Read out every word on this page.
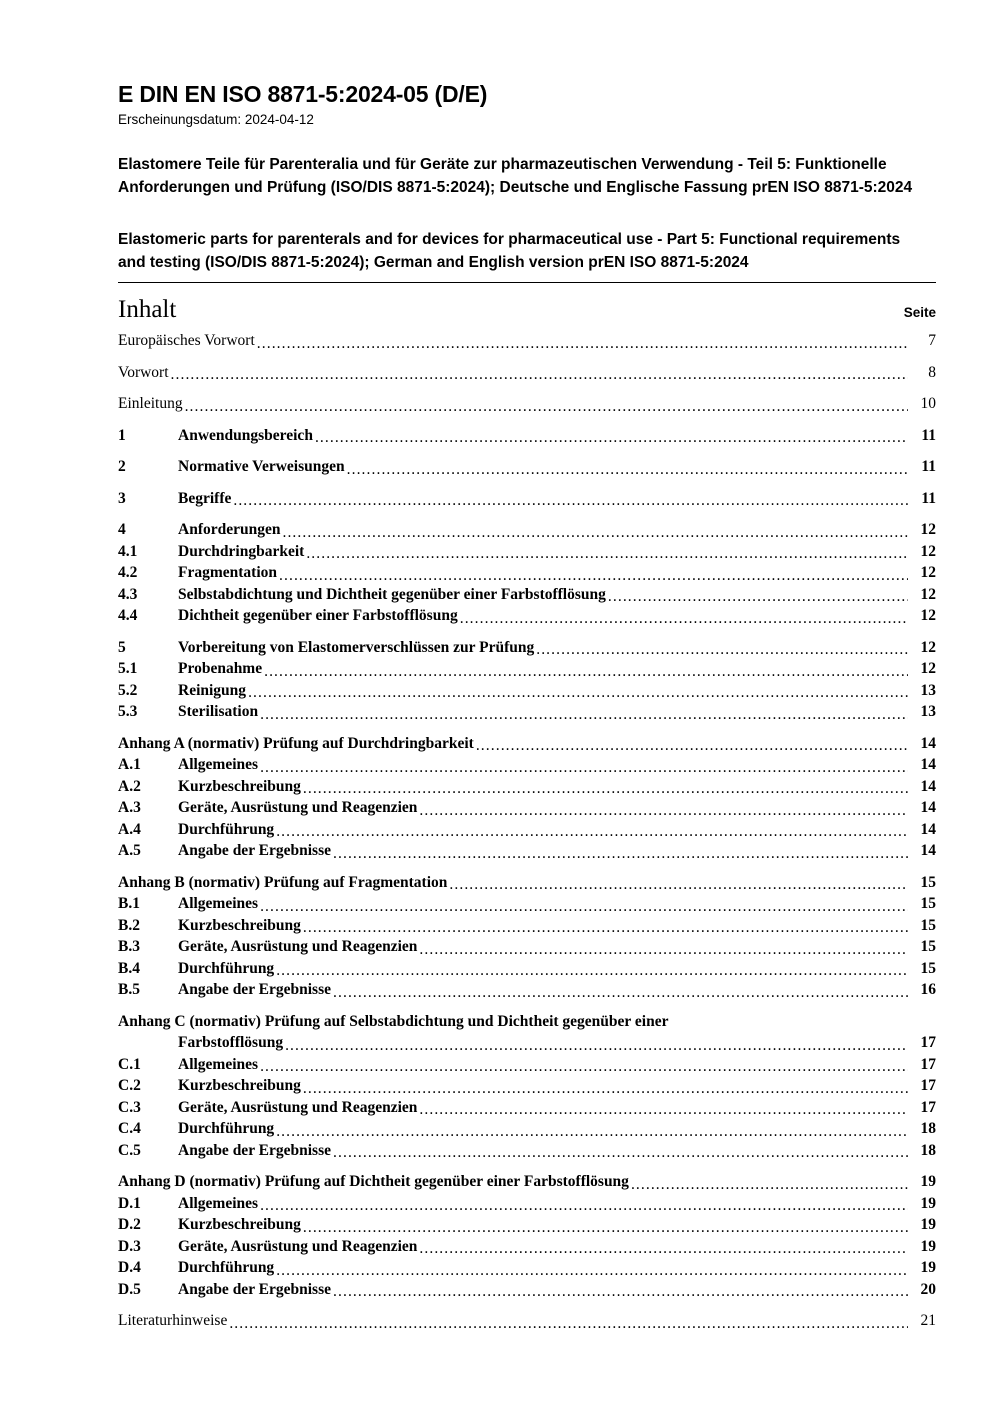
E DIN EN ISO 8871-5:2024-05 (D/E)
Erscheinungsdatum: 2024-04-12
Elastomere Teile für Parenteralia und für Geräte zur pharmazeutischen Verwendung - Teil 5: Funktionelle Anforderungen und Prüfung (ISO/DIS 8871-5:2024); Deutsche und Englische Fassung prEN ISO 8871-5:2024
Elastomeric parts for parenterals and for devices for pharmaceutical use - Part 5: Functional requirements and testing (ISO/DIS 8871-5:2024); German and English version prEN ISO 8871-5:2024
Inhalt	Seite
Europäisches Vorwort .....	7
Vorwort .....	8
Einleitung .....	10
1	Anwendungsbereich .....	11
2	Normative Verweisungen .....	11
3	Begriffe .....	11
4	Anforderungen .....	12
4.1	Durchdringbarkeit .....	12
4.2	Fragmentation .....	12
4.3	Selbstabdichtung und Dichtheit gegenüber einer Farbstofflösung .....	12
4.4	Dichtheit gegenüber einer Farbstofflösung .....	12
5	Vorbereitung von Elastomerverschlüssen zur Prüfung .....	12
5.1	Probenahme .....	12
5.2	Reinigung .....	13
5.3	Sterilisation .....	13
Anhang A (normativ) Prüfung auf Durchdringbarkeit .....	14
A.1	Allgemeines .....	14
A.2	Kurzbeschreibung .....	14
A.3	Geräte, Ausrüstung und Reagenzien .....	14
A.4	Durchführung .....	14
A.5	Angabe der Ergebnisse .....	14
Anhang B (normativ) Prüfung auf Fragmentation .....	15
B.1	Allgemeines .....	15
B.2	Kurzbeschreibung .....	15
B.3	Geräte, Ausrüstung und Reagenzien .....	15
B.4	Durchführung .....	15
B.5	Angabe der Ergebnisse .....	16
Anhang C (normativ) Prüfung auf Selbstabdichtung und Dichtheit gegenüber einer
Farbstofflösung .....	17
C.1	Allgemeines .....	17
C.2	Kurzbeschreibung .....	17
C.3	Geräte, Ausrüstung und Reagenzien .....	17
C.4	Durchführung .....	18
C.5	Angabe der Ergebnisse .....	18
Anhang D (normativ) Prüfung auf Dichtheit gegenüber einer Farbstofflösung .....	19
D.1	Allgemeines .....	19
D.2	Kurzbeschreibung .....	19
D.3	Geräte, Ausrüstung und Reagenzien .....	19
D.4	Durchführung .....	19
D.5	Angabe der Ergebnisse .....	20
Literaturhinweise .....	21
